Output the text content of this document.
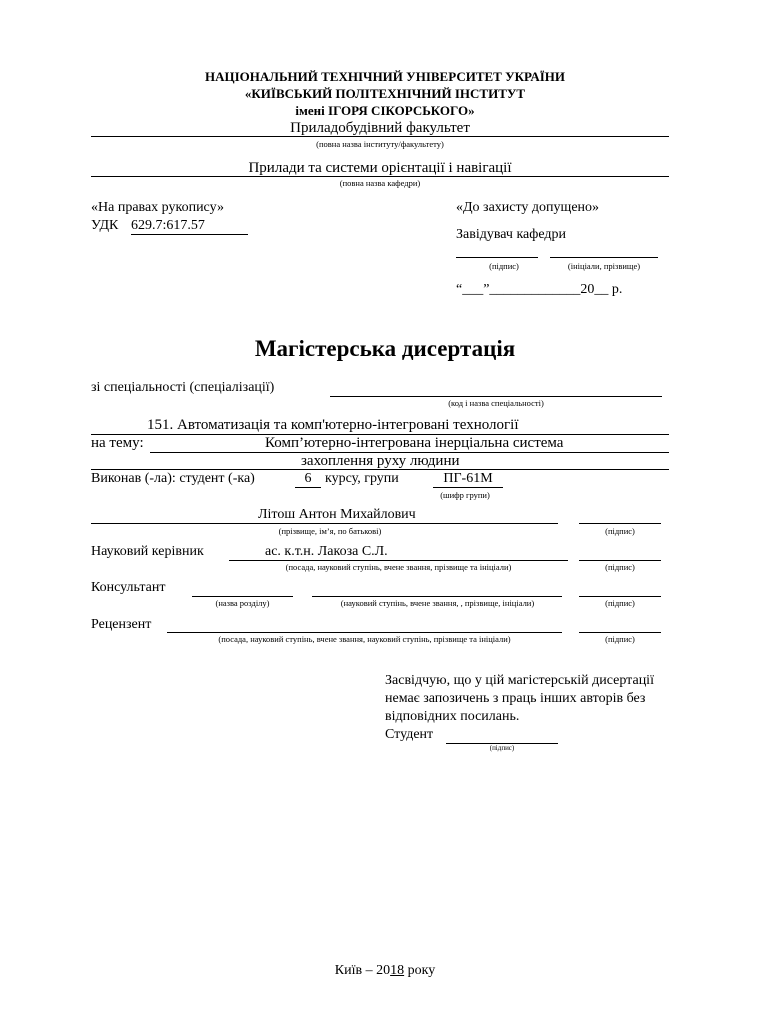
НАЦІОНАЛЬНИЙ ТЕХНІЧНИЙ УНІВЕРСИТЕТ УКРАЇНИ
«КИЇВСЬКИЙ ПОЛІТЕХНІЧНИЙ ІНСТИТУТ
імені ІГОРЯ СІКОРСЬКОГО»
Приладобудівний факультет
(повна назва інституту/факультету)
Прилади та системи орієнтації і навігації
(повна назва кафедри)
«На правах рукопису»
УДК 629.7:617.57
«До захисту допущено»
Завідувач кафедри
(підпис)	(ініціали, прізвище)
“___”_____________20__ р.
Магістерська дисертація
зі спеціальності (спеціалізації)
(код і назва спеціальності)
151. Автоматизація та комп'ютерно-інтегровані технології
на тему:	Комп’ютерно-інтегрована інерціальна система
захоплення руху людини
Виконав (-ла): студент (-ка)	6 курсу, групи	ПГ-61М
(шифр групи)
Літош Антон Михайлович
(прізвище, ім’я, по батькові)	(підпис)
Науковий керівник	ас. к.т.н. Лакоза С.Л.
(посада, науковий ступінь, вчене звання, прізвище та ініціали)	(підпис)
Консультант
(назва розділу)	(науковий ступінь, вчене звання, , прізвище, ініціали)	(підпис)
Рецензент
(посада, науковий ступінь, вчене звання, науковий ступінь, прізвище та ініціали)	(підпис)
Засвідчую, що у цій магістерській дисертації
немає запозичень з праць інших авторів без
відповідних посилань.
Студент
(підпис)
Київ – 2018 року
